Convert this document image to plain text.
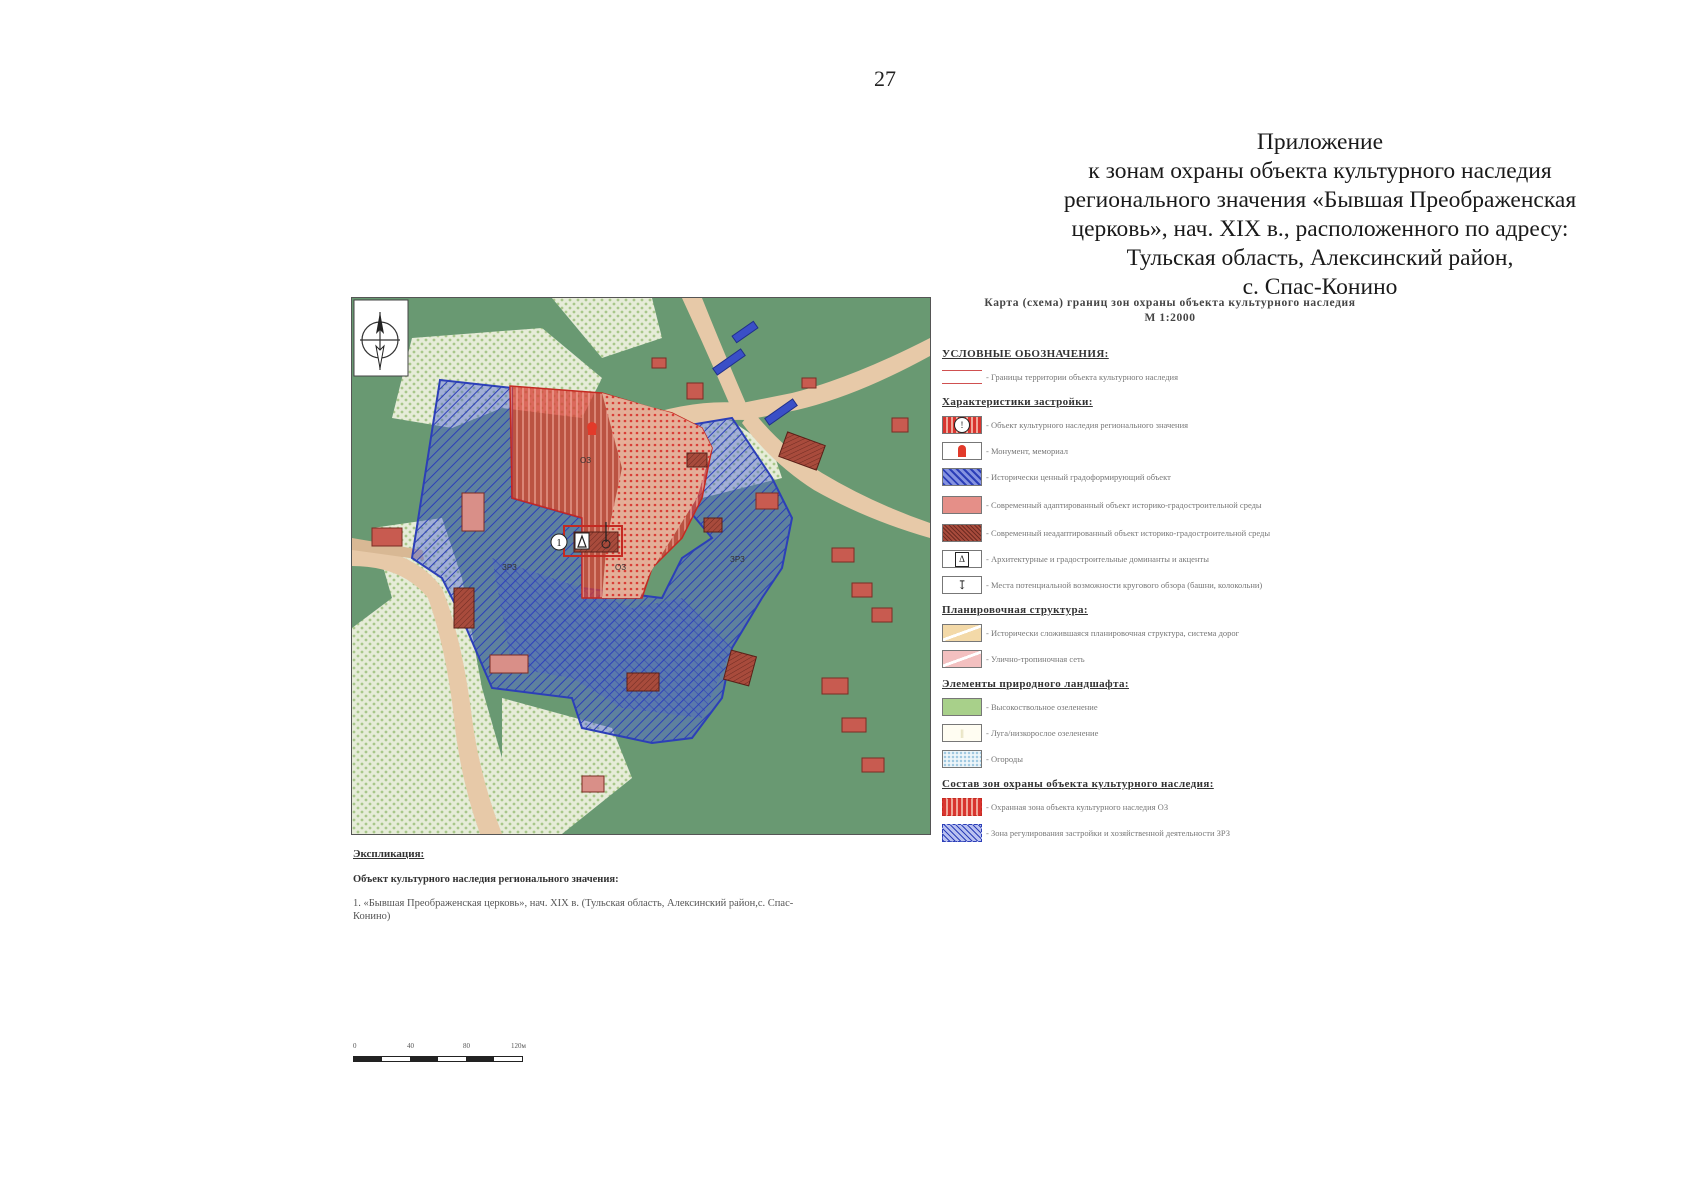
27
Приложение
к зонам охраны объекта культурного наследия
регионального значения «Бывшая Преображенская
церковь», нач. XIX в., расположенного по адресу:
Тульская область, Алексинский район,
с. Спас-Конино
1
ОЗ
ОЗ
ЗРЗ
ЗРЗ
Карта (схема) границ зон охраны объекта культурного наследия
М 1:2000
УСЛОВНЫЕ ОБОЗНАЧЕНИЯ:
- Границы территории объекта культурного наследия
Характеристики застройки:
!	- Объект культурного наследия регионального значения
- Монумент, мемориал
- Исторически ценный градоформирующий объект
- Современный адаптированный объект историко-градостроительной среды
- Современный неадаптированный объект историко-градостроительной среды
Δ	- Архитектурные и градостроительные доминанты и акценты
↧ - Места потенциальной возможности кругового обзора (башни, колокольни)
Планировочная структура:
- Исторически сложившаяся планировочная структура, система дорог
- Улично-тропиночная сеть
Элементы природного ландшафта:
- Высокоствольное озеленение
||	- Луга/низкорослое озеленение
- Огороды
Состав зон охраны объекта культурного наследия:
- Охранная зона объекта культурного наследия ОЗ
- Зона регулирования застройки и хозяйственной деятельности ЗРЗ
Экспликация:
Объект культурного наследия регионального значения:
1. «Бывшая Преображенская церковь», нач. XIX в. (Тульская область, Алексинский район,с. Спас-Конино)
0	40	80	120м
